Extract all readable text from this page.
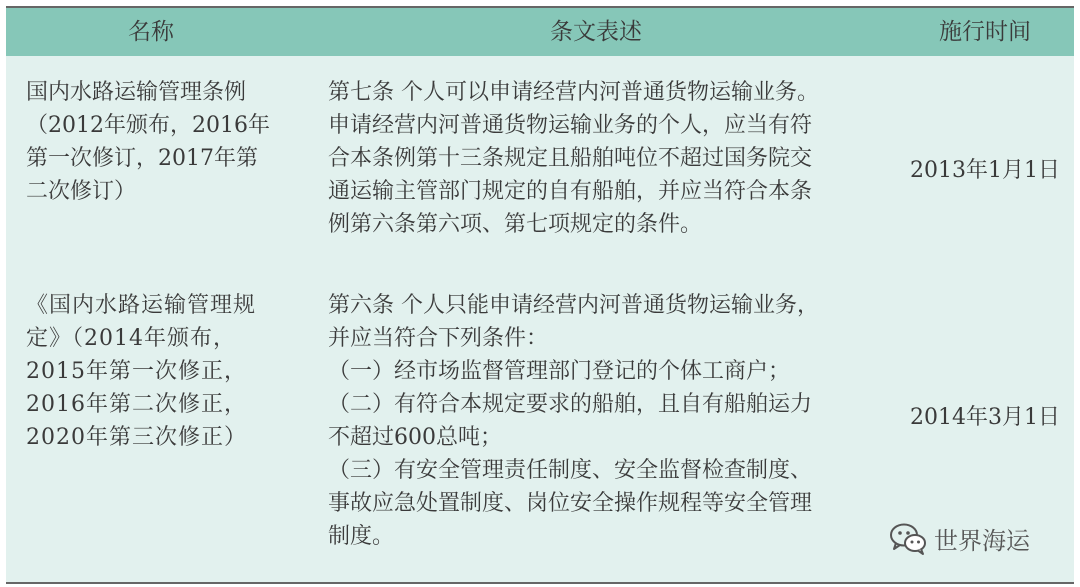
名称	条文表述	施行时间
国内水路运输管理条例
（2012年颁布，2016年
第一次修订，2017年第
二次修订）
第七条 个人可以申请经营内河普通货物运输业务。
申请经营内河普通货物运输业务的个人，应当有符
合本条例第十三条规定且船舶吨位不超过国务院交
通运输主管部门规定的自有船舶，并应当符合本条
例第六条第六项、第七项规定的条件。
2013年1月1日
《国内水路运输管理规
定》（2014年颁布，
2015年第一次修正，
2016年第二次修正，
2020年第三次修正）
第六条 个人只能申请经营内河普通货物运输业务，
并应当符合下列条件：
（一）经市场监督管理部门登记的个体工商户；
（二）有符合本规定要求的船舶，且自有船舶运力
不超过600总吨；
（三）有安全管理责任制度、安全监督检查制度、
事故应急处置制度、岗位安全操作规程等安全管理
制度。
2014年3月1日
世界海运
